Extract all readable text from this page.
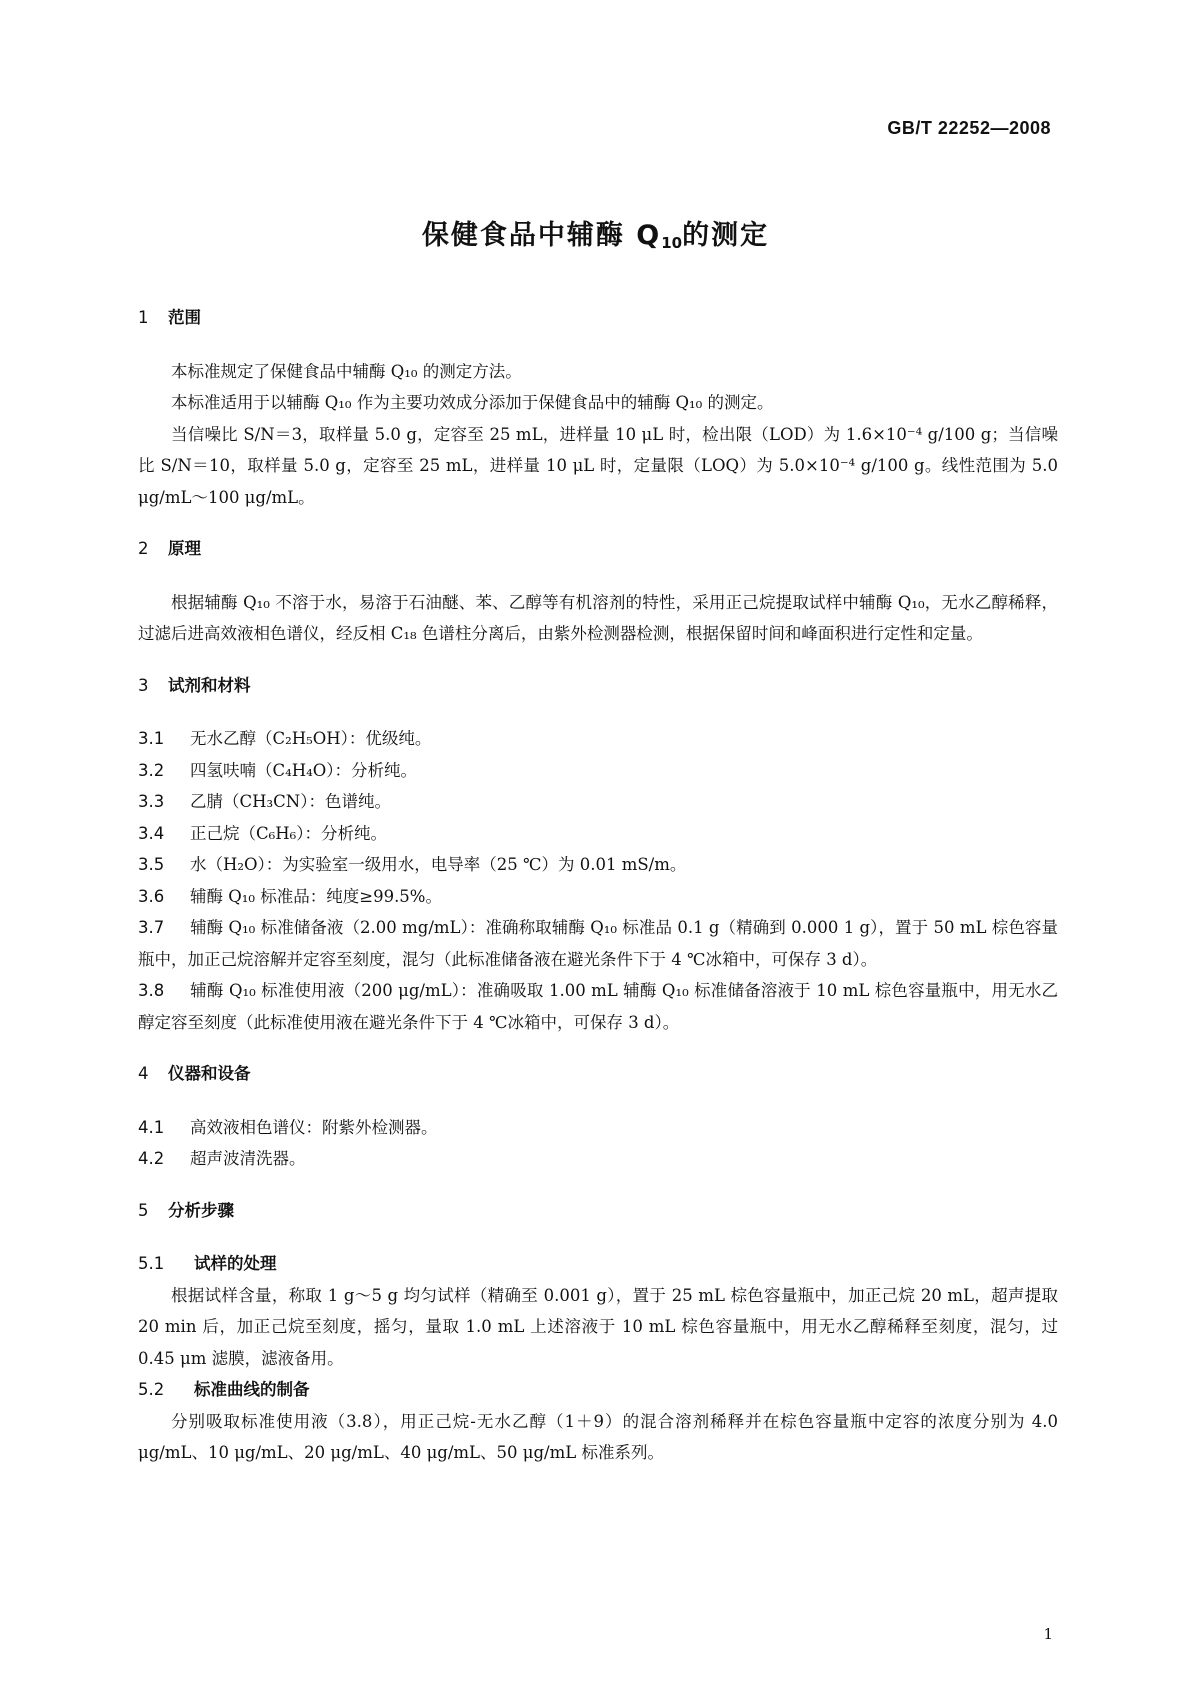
GB/T 22252—2008
保健食品中辅酶 $Q_{10}$的测定
1 范围

本标准规定了保健食品中辅酶 Q₁₀ 的测定方法。

本标准适用于以辅酶 Q₁₀ 作为主要功效成分添加于保健食品中的辅酶 Q₁₀ 的测定。

当信噪比 S/N＝3，取样量 5.0 g，定容至 25 mL，进样量 10 μL 时，检出限（LOD）为 1.6×10⁻⁴ g/100 g；当信噪比 S/N＝10，取样量 5.0 g，定容至 25 mL，进样量 10 μL 时，定量限（LOQ）为 5.0×10⁻⁴ g/100 g。线性范围为 5.0 μg/mL～100 μg/mL。

2 原理

根据辅酶 Q₁₀ 不溶于水，易溶于石油醚、苯、乙醇等有机溶剂的特性，采用正己烷提取试样中辅酶 Q₁₀，无水乙醇稀释，过滤后进高效液相色谱仪，经反相 C₁₈ 色谱柱分离后，由紫外检测器检测，根据保留时间和峰面积进行定性和定量。

3 试剂和材料

3.1 无水乙醇（C₂H₅OH）：优级纯。

3.2 四氢呋喃（C₄H₄O）：分析纯。

3.3 乙腈（CH₃CN）：色谱纯。

3.4 正己烷（C₆H₆）：分析纯。

3.5 水（H₂O）：为实验室一级用水，电导率（25 ℃）为 0.01 mS/m。

3.6 辅酶 Q₁₀ 标准品：纯度≥99.5%。

3.7 辅酶 Q₁₀ 标准储备液（2.00 mg/mL）：准确称取辅酶 Q₁₀ 标准品 0.1 g（精确到 0.000 1 g），置于 50 mL 棕色容量瓶中，加正己烷溶解并定容至刻度，混匀（此标准储备液在避光条件下于 4 ℃冰箱中，可保存 3 d）。

3.8 辅酶 Q₁₀ 标准使用液（200 μg/mL）：准确吸取 1.00 mL 辅酶 Q₁₀ 标准储备溶液于 10 mL 棕色容量瓶中，用无水乙醇定容至刻度（此标准使用液在避光条件下于 4 ℃冰箱中，可保存 3 d）。

4 仪器和设备

4.1 高效液相色谱仪：附紫外检测器。

4.2 超声波清洗器。

5 分析步骤
5.1 试样的处理

根据试样含量，称取 1 g～5 g 均匀试样（精确至 0.001 g），置于 25 mL 棕色容量瓶中，加正己烷 20 mL，超声提取 20 min 后，加正己烷至刻度，摇匀，量取 1.0 mL 上述溶液于 10 mL 棕色容量瓶中，用无水乙醇稀释至刻度，混匀，过 0.45 μm 滤膜，滤液备用。

5.2 标准曲线的制备

分别吸取标准使用液（3.8），用正己烷-无水乙醇（1＋9）的混合溶剂稀释并在棕色容量瓶中定容的浓度分别为 4.0 μg/mL、10 μg/mL、20 μg/mL、40 μg/mL、50 μg/mL 标准系列。

1
